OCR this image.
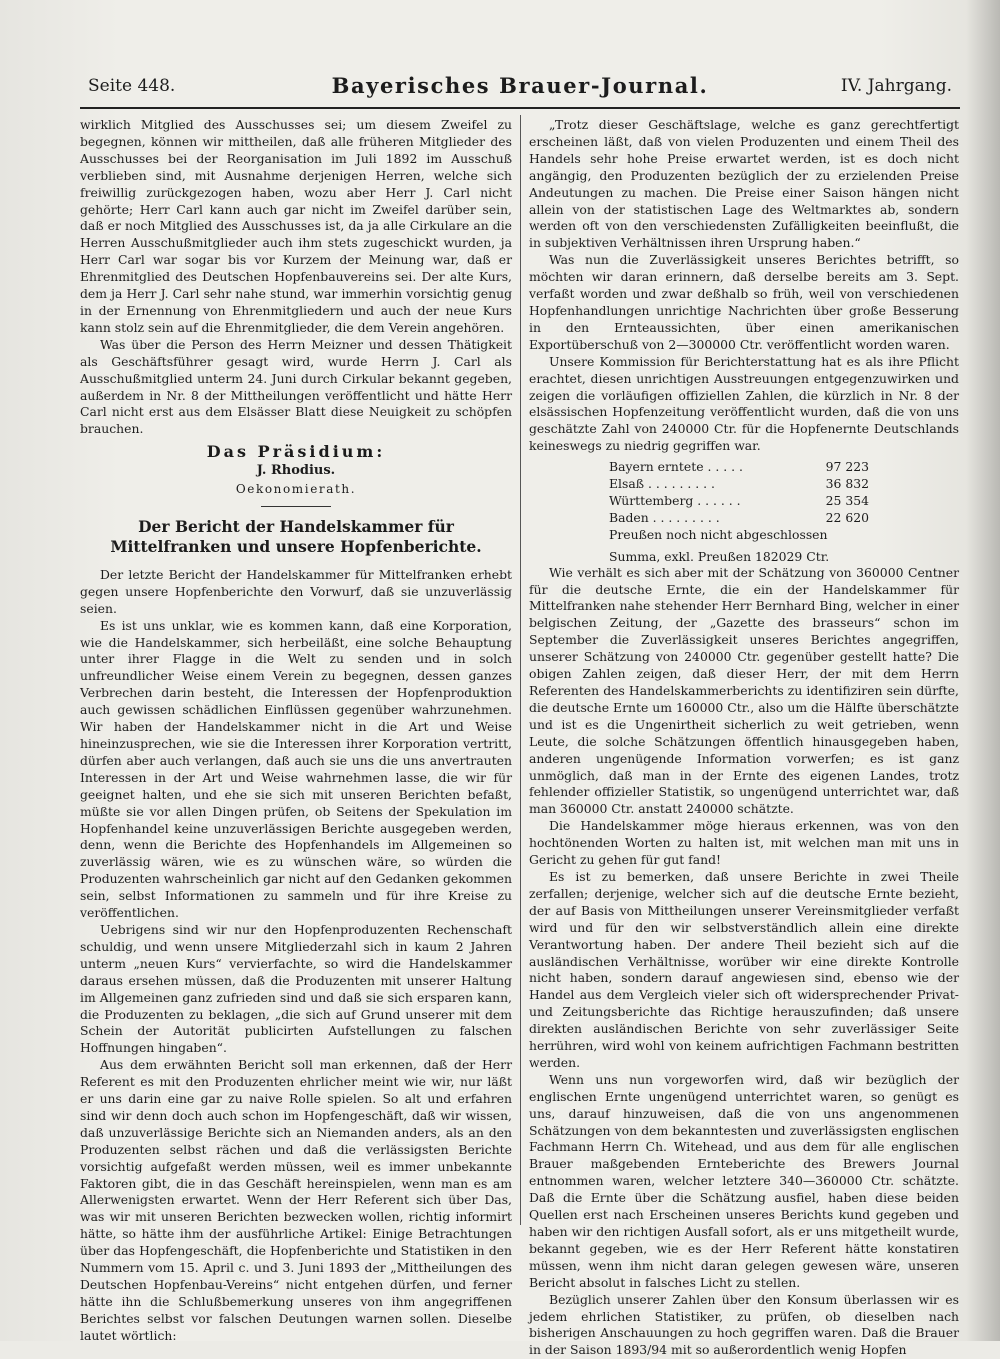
Seite 448.	Bayerisches Brauer-Journal.	IV. Jahrgang.

wirklich Mitglied des Ausschusses sei; um diesem Zweifel zu begegnen, können wir mittheilen, daß alle früheren Mitglieder des Ausschusses bei der Reorganisation im Juli 1892 im Ausschuß verblieben sind, mit Ausnahme derjenigen Herren, welche sich freiwillig zurückgezogen haben, wozu aber Herr J. Carl nicht gehörte; Herr Carl kann auch gar nicht im Zweifel darüber sein, daß er noch Mitglied des Ausschusses ist, da ja alle Cirkulare an die Herren Ausschußmitglieder auch ihm stets zugeschickt wurden, ja Herr Carl war sogar bis vor Kurzem der Meinung war, daß er Ehrenmitglied des Deutschen Hopfenbauvereins sei. Der alte Kurs, dem ja Herr J. Carl sehr nahe stund, war immerhin vorsichtig genug in der Ernennung von Ehrenmitgliedern und auch der neue Kurs kann stolz sein auf die Ehrenmitglieder, die dem Verein angehören.

Was über die Person des Herrn Meizner und dessen Thätigkeit als Geschäftsführer gesagt wird, wurde Herrn J. Carl als Ausschußmitglied unterm 24. Juni durch Cirkular bekannt gegeben, außerdem in Nr. 8 der Mittheilungen veröffentlicht und hätte Herr Carl nicht erst aus dem Elsässer Blatt diese Neuigkeit zu schöpfen brauchen.

Das Präsidium:
J. Rhodius.
Oekonomierath.
Der Bericht der Handelskammer für Mittelfranken und unsere Hopfenberichte.

Der letzte Bericht der Handelskammer für Mittelfranken erhebt gegen unsere Hopfenberichte den Vorwurf, daß sie unzuverlässig seien.

Es ist uns unklar, wie es kommen kann, daß eine Korporation, wie die Handelskammer, sich herbeiläßt, eine solche Behauptung unter ihrer Flagge in die Welt zu senden und in solch unfreundlicher Weise einem Verein zu begegnen, dessen ganzes Verbrechen darin besteht, die Interessen der Hopfenproduktion auch gewissen schädlichen Einflüssen gegenüber wahrzunehmen. Wir haben der Handelskammer nicht in die Art und Weise hineinzusprechen, wie sie die Interessen ihrer Korporation vertritt, dürfen aber auch verlangen, daß auch sie uns die uns anvertrauten Interessen in der Art und Weise wahrnehmen lasse, die wir für geeignet halten, und ehe sie sich mit unseren Berichten befaßt, müßte sie vor allen Dingen prüfen, ob Seitens der Spekulation im Hopfenhandel keine unzuverlässigen Berichte ausgegeben werden, denn, wenn die Berichte des Hopfenhandels im Allgemeinen so zuverlässig wären, wie es zu wünschen wäre, so würden die Produzenten wahrscheinlich gar nicht auf den Gedanken gekommen sein, selbst Informationen zu sammeln und für ihre Kreise zu veröffentlichen.

Uebrigens sind wir nur den Hopfenproduzenten Rechenschaft schuldig, und wenn unsere Mitgliederzahl sich in kaum 2 Jahren unterm „neuen Kurs“ vervierfachte, so wird die Handelskammer daraus ersehen müssen, daß die Produzenten mit unserer Haltung im Allgemeinen ganz zufrieden sind und daß sie sich ersparen kann, die Produzenten zu beklagen, „die sich auf Grund unserer mit dem Schein der Autorität publicirten Aufstellungen zu falschen Hoffnungen hingaben“.

Aus dem erwähnten Bericht soll man erkennen, daß der Herr Referent es mit den Produzenten ehrlicher meint wie wir, nur läßt er uns darin eine gar zu naive Rolle spielen. So alt und erfahren sind wir denn doch auch schon im Hopfengeschäft, daß wir wissen, daß unzuverlässige Berichte sich an Niemanden anders, als an den Produzenten selbst rächen und daß die verlässigsten Berichte vorsichtig aufgefaßt werden müssen, weil es immer unbekannte Faktoren gibt, die in das Geschäft hereinspielen, wenn man es am Allerwenigsten erwartet. Wenn der Herr Referent sich über Das, was wir mit unseren Berichten bezwecken wollen, richtig informirt hätte, so hätte ihm der ausführliche Artikel: Einige Betrachtungen über das Hopfengeschäft, die Hopfenberichte und Statistiken in den Nummern vom 15. April c. und 3. Juni 1893 der „Mittheilungen des Deutschen Hopfenbau-Vereins“ nicht entgehen dürfen, und ferner hätte ihn die Schlußbemerkung unseres von ihm angegriffenen Berichtes selbst vor falschen Deutungen warnen sollen. Dieselbe lautet wörtlich:

„Trotz dieser Geschäftslage, welche es ganz gerechtfertigt erscheinen läßt, daß von vielen Produzenten und einem Theil des Handels sehr hohe Preise erwartet werden, ist es doch nicht angängig, den Produzenten bezüglich der zu erzielenden Preise Andeutungen zu machen. Die Preise einer Saison hängen nicht allein von der statistischen Lage des Weltmarktes ab, sondern werden oft von den verschiedensten Zufälligkeiten beeinflußt, die in subjektiven Verhältnissen ihren Ursprung haben.“

Was nun die Zuverlässigkeit unseres Berichtes betrifft, so möchten wir daran erinnern, daß derselbe bereits am 3. Sept. verfaßt worden und zwar deßhalb so früh, weil von verschiedenen Hopfenhandlungen unrichtige Nachrichten über große Besserung in den Ernteaussichten, über einen amerikanischen Exportüberschuß von 2—300000 Ctr. veröffentlicht worden waren.

Unsere Kommission für Berichterstattung hat es als ihre Pflicht erachtet, diesen unrichtigen Ausstreuungen entgegenzuwirken und zeigen die vorläufigen offiziellen Zahlen, die kürzlich in Nr. 8 der elsässischen Hopfenzeitung veröffentlicht wurden, daß die von uns geschätzte Zahl von 240000 Ctr. für die Hopfenernte Deutschlands keineswegs zu niedrig gegriffen war.

Bayern erntete . . . . .	97 223
Elsaß . . . . . . . . .	36 832
Württemberg . . . . . .	25 354
Baden . . . . . . . . .	22 620
Preußen noch nicht abgeschlossen
Summa, exkl. Preußen 182029 Ctr.

Wie verhält es sich aber mit der Schätzung von 360000 Centner für die deutsche Ernte, die ein der Handelskammer für Mittelfranken nahe stehender Herr Bernhard Bing, welcher in einer belgischen Zeitung, der „Gazette des brasseurs“ schon im September die Zuverlässigkeit unseres Berichtes angegriffen, unserer Schätzung von 240000 Ctr. gegenüber gestellt hatte? Die obigen Zahlen zeigen, daß dieser Herr, der mit dem Herrn Referenten des Handelskammerberichts zu identifiziren sein dürfte, die deutsche Ernte um 160000 Ctr., also um die Hälfte überschätzte und ist es die Ungenirtheit sicherlich zu weit getrieben, wenn Leute, die solche Schätzungen öffentlich hinausgegeben haben, anderen ungenügende Information vorwerfen; es ist ganz unmöglich, daß man in der Ernte des eigenen Landes, trotz fehlender offizieller Statistik, so ungenügend unterrichtet war, daß man 360000 Ctr. anstatt 240000 schätzte.

Die Handelskammer möge hieraus erkennen, was von den hochtönenden Worten zu halten ist, mit welchen man mit uns in Gericht zu gehen für gut fand!

Es ist zu bemerken, daß unsere Berichte in zwei Theile zerfallen; derjenige, welcher sich auf die deutsche Ernte bezieht, der auf Basis von Mittheilungen unserer Vereinsmitglieder verfaßt wird und für den wir selbstverständlich allein eine direkte Verantwortung haben. Der andere Theil bezieht sich auf die ausländischen Verhältnisse, worüber wir eine direkte Kontrolle nicht haben, sondern darauf angewiesen sind, ebenso wie der Handel aus dem Vergleich vieler sich oft widersprechender Privat- und Zeitungsberichte das Richtige herauszufinden; daß unsere direkten ausländischen Berichte von sehr zuverlässiger Seite herrühren, wird wohl von keinem aufrichtigen Fachmann bestritten werden.

Wenn uns nun vorgeworfen wird, daß wir bezüglich der englischen Ernte ungenügend unterrichtet waren, so genügt es uns, darauf hinzuweisen, daß die von uns angenommenen Schätzungen von dem bekanntesten und zuverlässigsten englischen Fachmann Herrn Ch. Witehead, und aus dem für alle englischen Brauer maßgebenden Ernteberichte des Brewers Journal entnommen waren, welcher letztere 340—360000 Ctr. schätzte. Daß die Ernte über die Schätzung ausfiel, haben diese beiden Quellen erst nach Erscheinen unseres Berichts kund gegeben und haben wir den richtigen Ausfall sofort, als er uns mitgetheilt wurde, bekannt gegeben, wie es der Herr Referent hätte konstatiren müssen, wenn ihm nicht daran gelegen gewesen wäre, unseren Bericht absolut in falsches Licht zu stellen.

Bezüglich unserer Zahlen über den Konsum überlassen wir es jedem ehrlichen Statistiker, zu prüfen, ob dieselben nach bisherigen Anschauungen zu hoch gegriffen waren. Daß die Brauer in der Saison 1893/94 mit so außerordentlich wenig Hopfen
